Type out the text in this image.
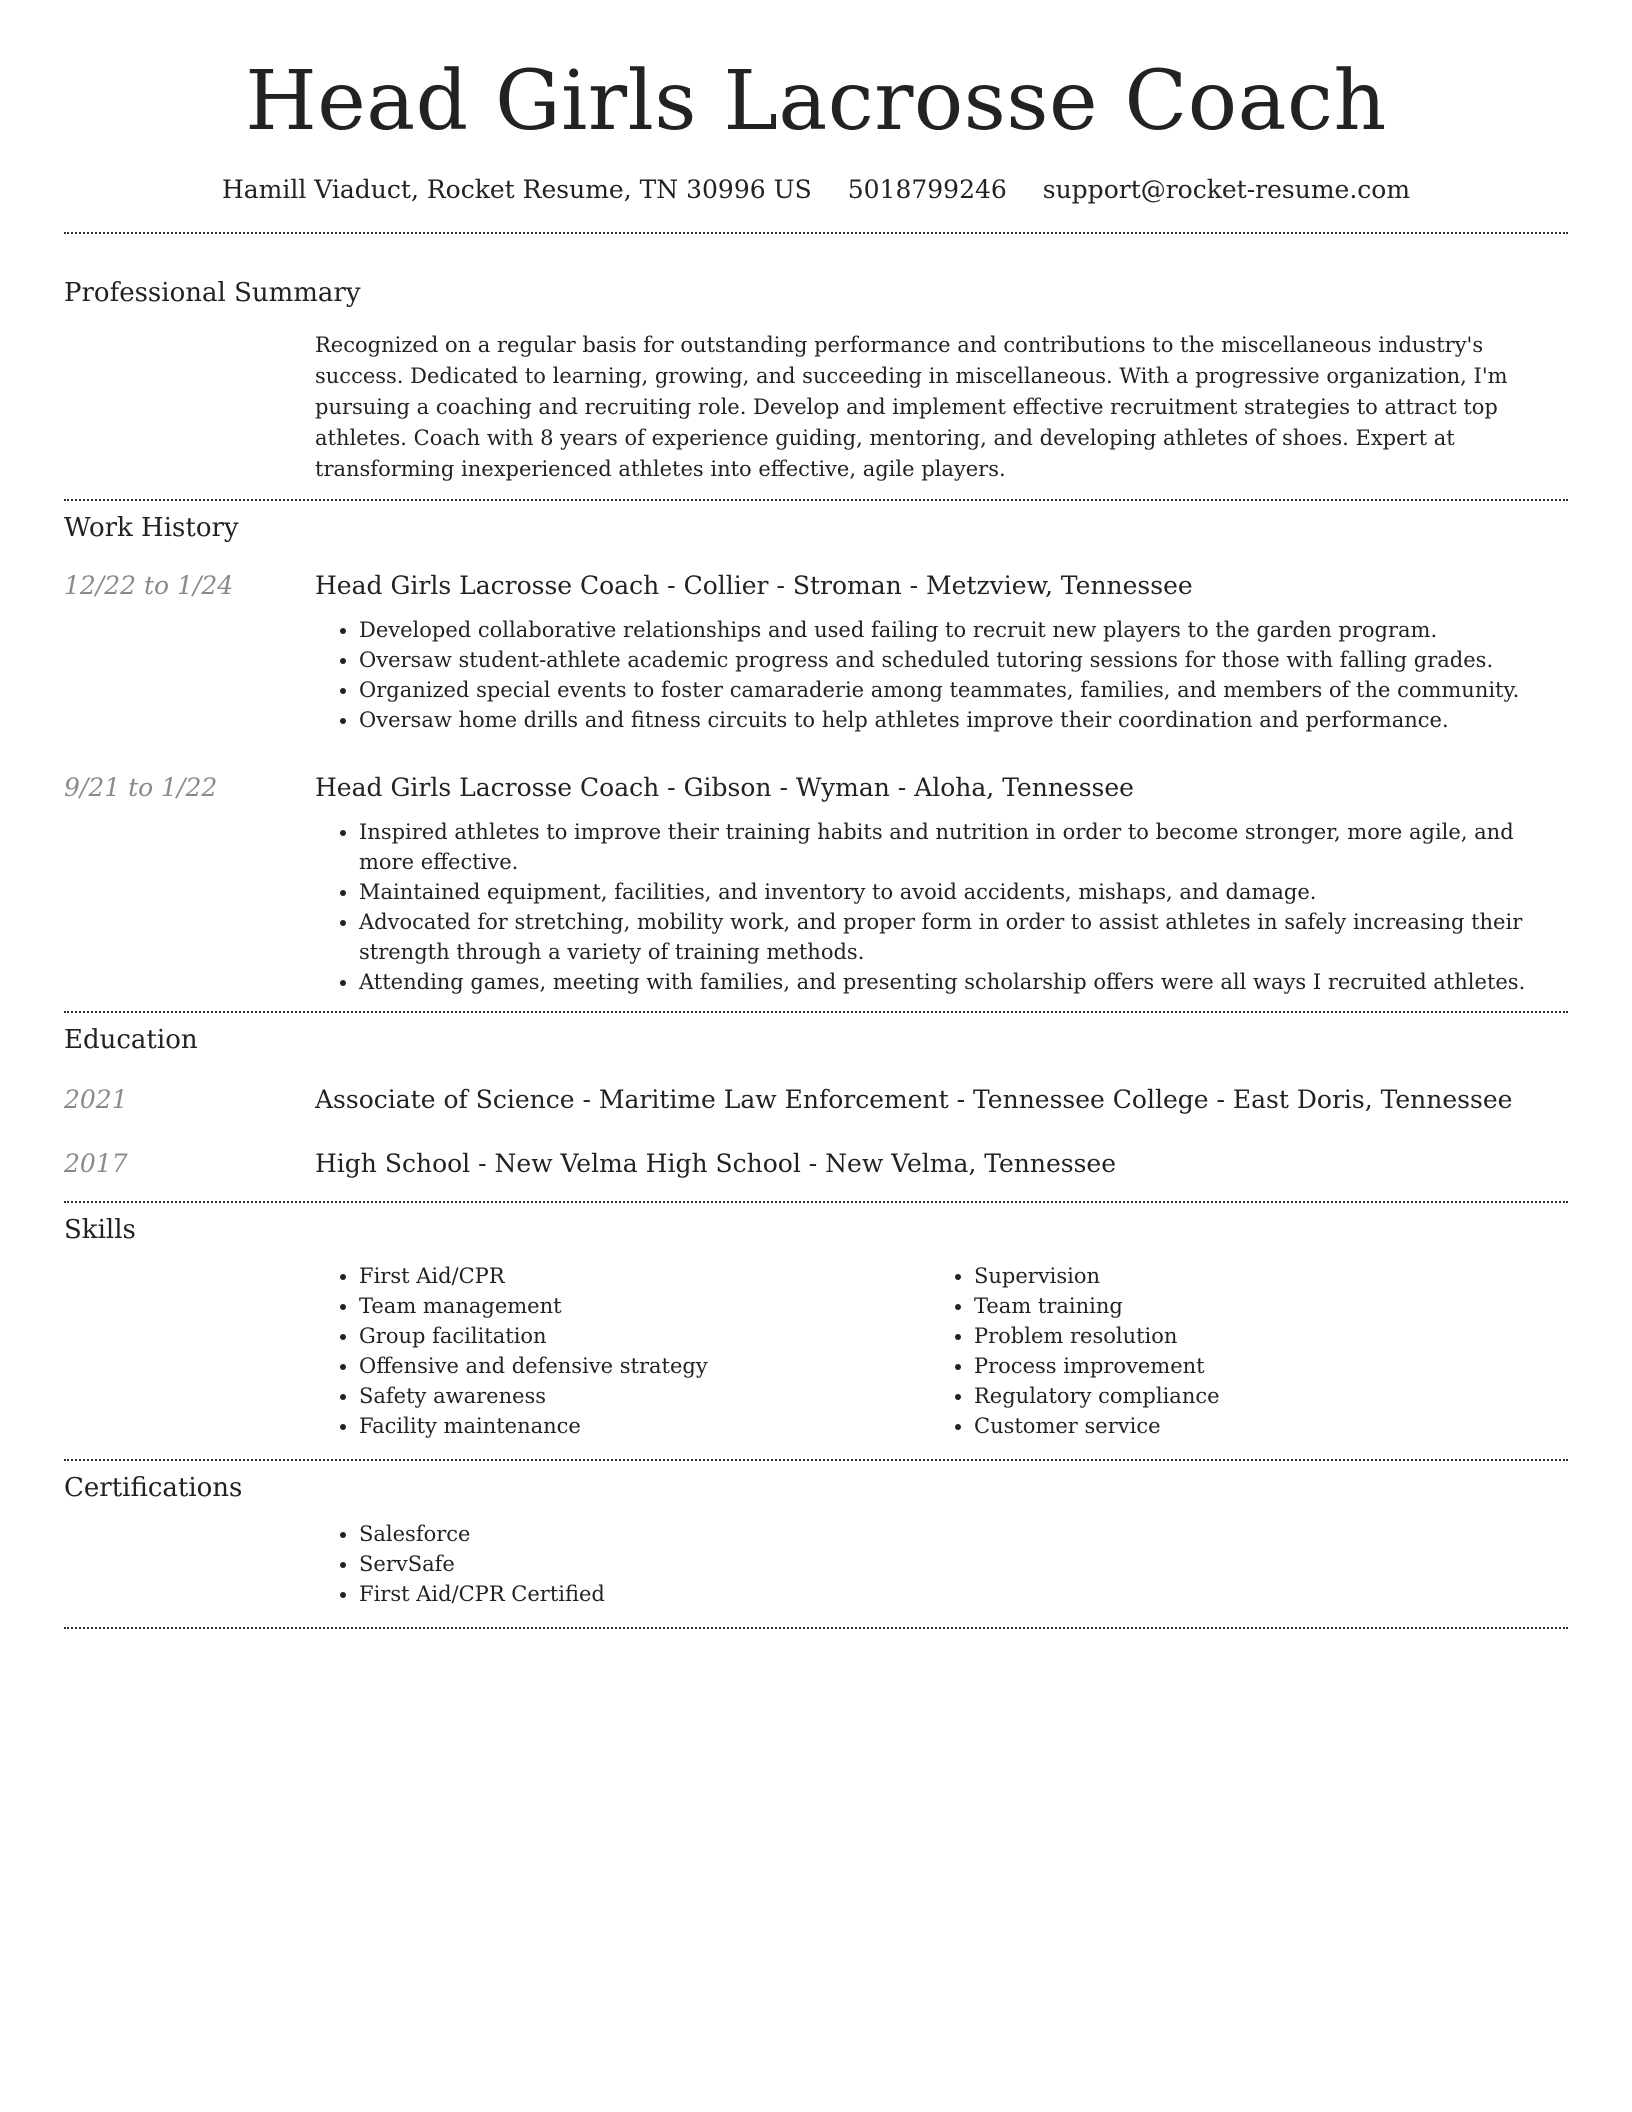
Head Girls Lacrosse Coach
Hamill Viaduct, Rocket Resume, TN 30996 US 5018799246 support@rocket-resume.com
Professional Summary
Recognized on a regular basis for outstanding performance and contributions to the miscellaneous industry's success. Dedicated to learning, growing, and succeeding in miscellaneous. With a progressive organization, I'm pursuing a coaching and recruiting role. Develop and implement effective recruitment strategies to attract top athletes. Coach with 8 years of experience guiding, mentoring, and developing athletes of shoes. Expert at transforming inexperienced athletes into effective, agile players.
Work History
12/22 to 1/24	Head Girls Lacrosse Coach - Collier - Stroman - Metzview, Tennessee
• Developed collaborative relationships and used failing to recruit new players to the garden program.
• Oversaw student-athlete academic progress and scheduled tutoring sessions for those with falling grades.
• Organized special events to foster camaraderie among teammates, families, and members of the community.
• Oversaw home drills and fitness circuits to help athletes improve their coordination and performance.
9/21 to 1/22	Head Girls Lacrosse Coach - Gibson - Wyman - Aloha, Tennessee
• Inspired athletes to improve their training habits and nutrition in order to become stronger, more agile, and more effective.
• Maintained equipment, facilities, and inventory to avoid accidents, mishaps, and damage.
• Advocated for stretching, mobility work, and proper form in order to assist athletes in safely increasing their strength through a variety of training methods.
• Attending games, meeting with families, and presenting scholarship offers were all ways I recruited athletes.
Education
2021	Associate of Science - Maritime Law Enforcement - Tennessee College - East Doris, Tennessee
2017	High School - New Velma High School - New Velma, Tennessee
Skills
• First Aid/CPR
• Team management
• Group facilitation
• Offensive and defensive strategy
• Safety awareness
• Facility maintenance
• Supervision
• Team training
• Problem resolution
• Process improvement
• Regulatory compliance
• Customer service
Certifications
• Salesforce
• ServSafe
• First Aid/CPR Certified
